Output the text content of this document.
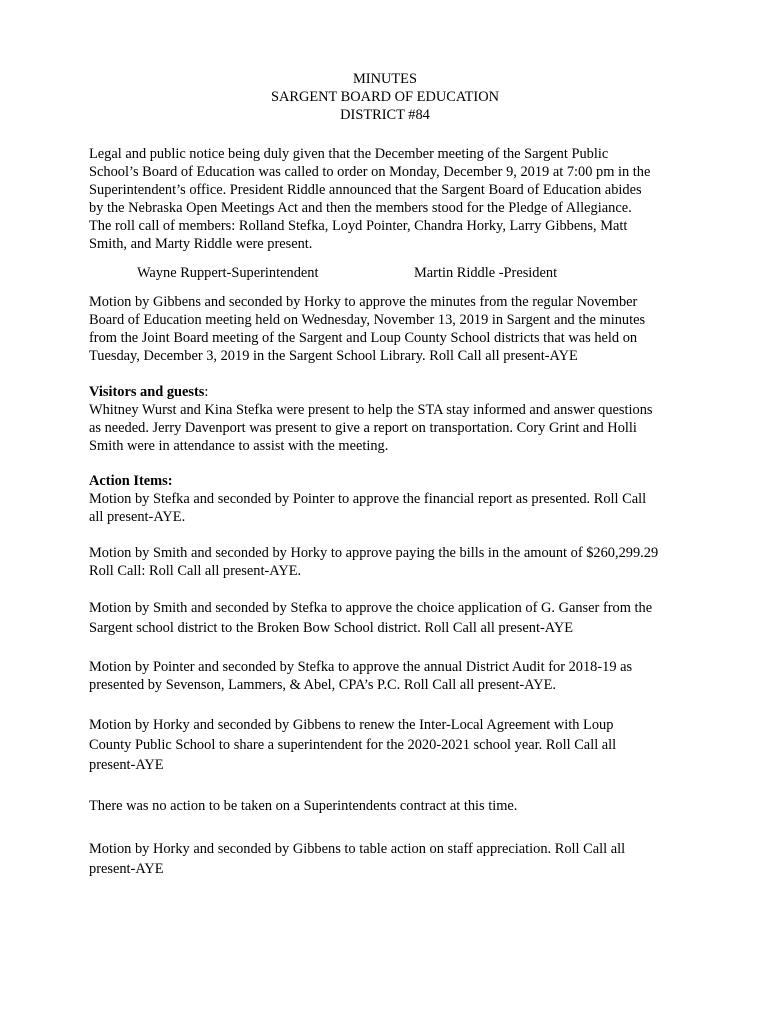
MINUTES
SARGENT BOARD OF EDUCATION
DISTRICT #84
Legal and public notice being duly given that the December meeting of the Sargent Public
School’s Board of Education was called to order on Monday, December 9, 2019 at 7:00 pm in the
Superintendent’s office. President Riddle announced that the Sargent Board of Education abides
by the Nebraska Open Meetings Act and then the members stood for the Pledge of Allegiance.
The roll call of members: Rolland Stefka, Loyd Pointer, Chandra Horky, Larry Gibbens, Matt
Smith, and Marty Riddle were present.
Wayne Ruppert-Superintendent	Martin Riddle -President
Motion by Gibbens and seconded by Horky to approve the minutes from the regular November
Board of Education meeting held on Wednesday, November 13, 2019 in Sargent and the minutes
from the Joint Board meeting of the Sargent and Loup County School districts that was held on
Tuesday, December 3, 2019 in the Sargent School Library. Roll Call all present-AYE
Visitors and guests:
Whitney Wurst and Kina Stefka were present to help the STA stay informed and answer questions
as needed. Jerry Davenport was present to give a report on transportation. Cory Grint and Holli
Smith were in attendance to assist with the meeting.
Action Items:
Motion by Stefka and seconded by Pointer to approve the financial report as presented. Roll Call
all present-AYE.
Motion by Smith and seconded by Horky to approve paying the bills in the amount of $260,299.29
Roll Call: Roll Call all present-AYE.
Motion by Smith and seconded by Stefka to approve the choice application of G. Ganser from the
Sargent school district to the Broken Bow School district. Roll Call all present-AYE
Motion by Pointer and seconded by Stefka to approve the annual District Audit for 2018-19 as
presented by Sevenson, Lammers, & Abel, CPA’s P.C. Roll Call all present-AYE.
Motion by Horky and seconded by Gibbens to renew the Inter-Local Agreement with Loup
County Public School to share a superintendent for the 2020-2021 school year. Roll Call all
present-AYE
There was no action to be taken on a Superintendents contract at this time.
Motion by Horky and seconded by Gibbens to table action on staff appreciation. Roll Call all
present-AYE
